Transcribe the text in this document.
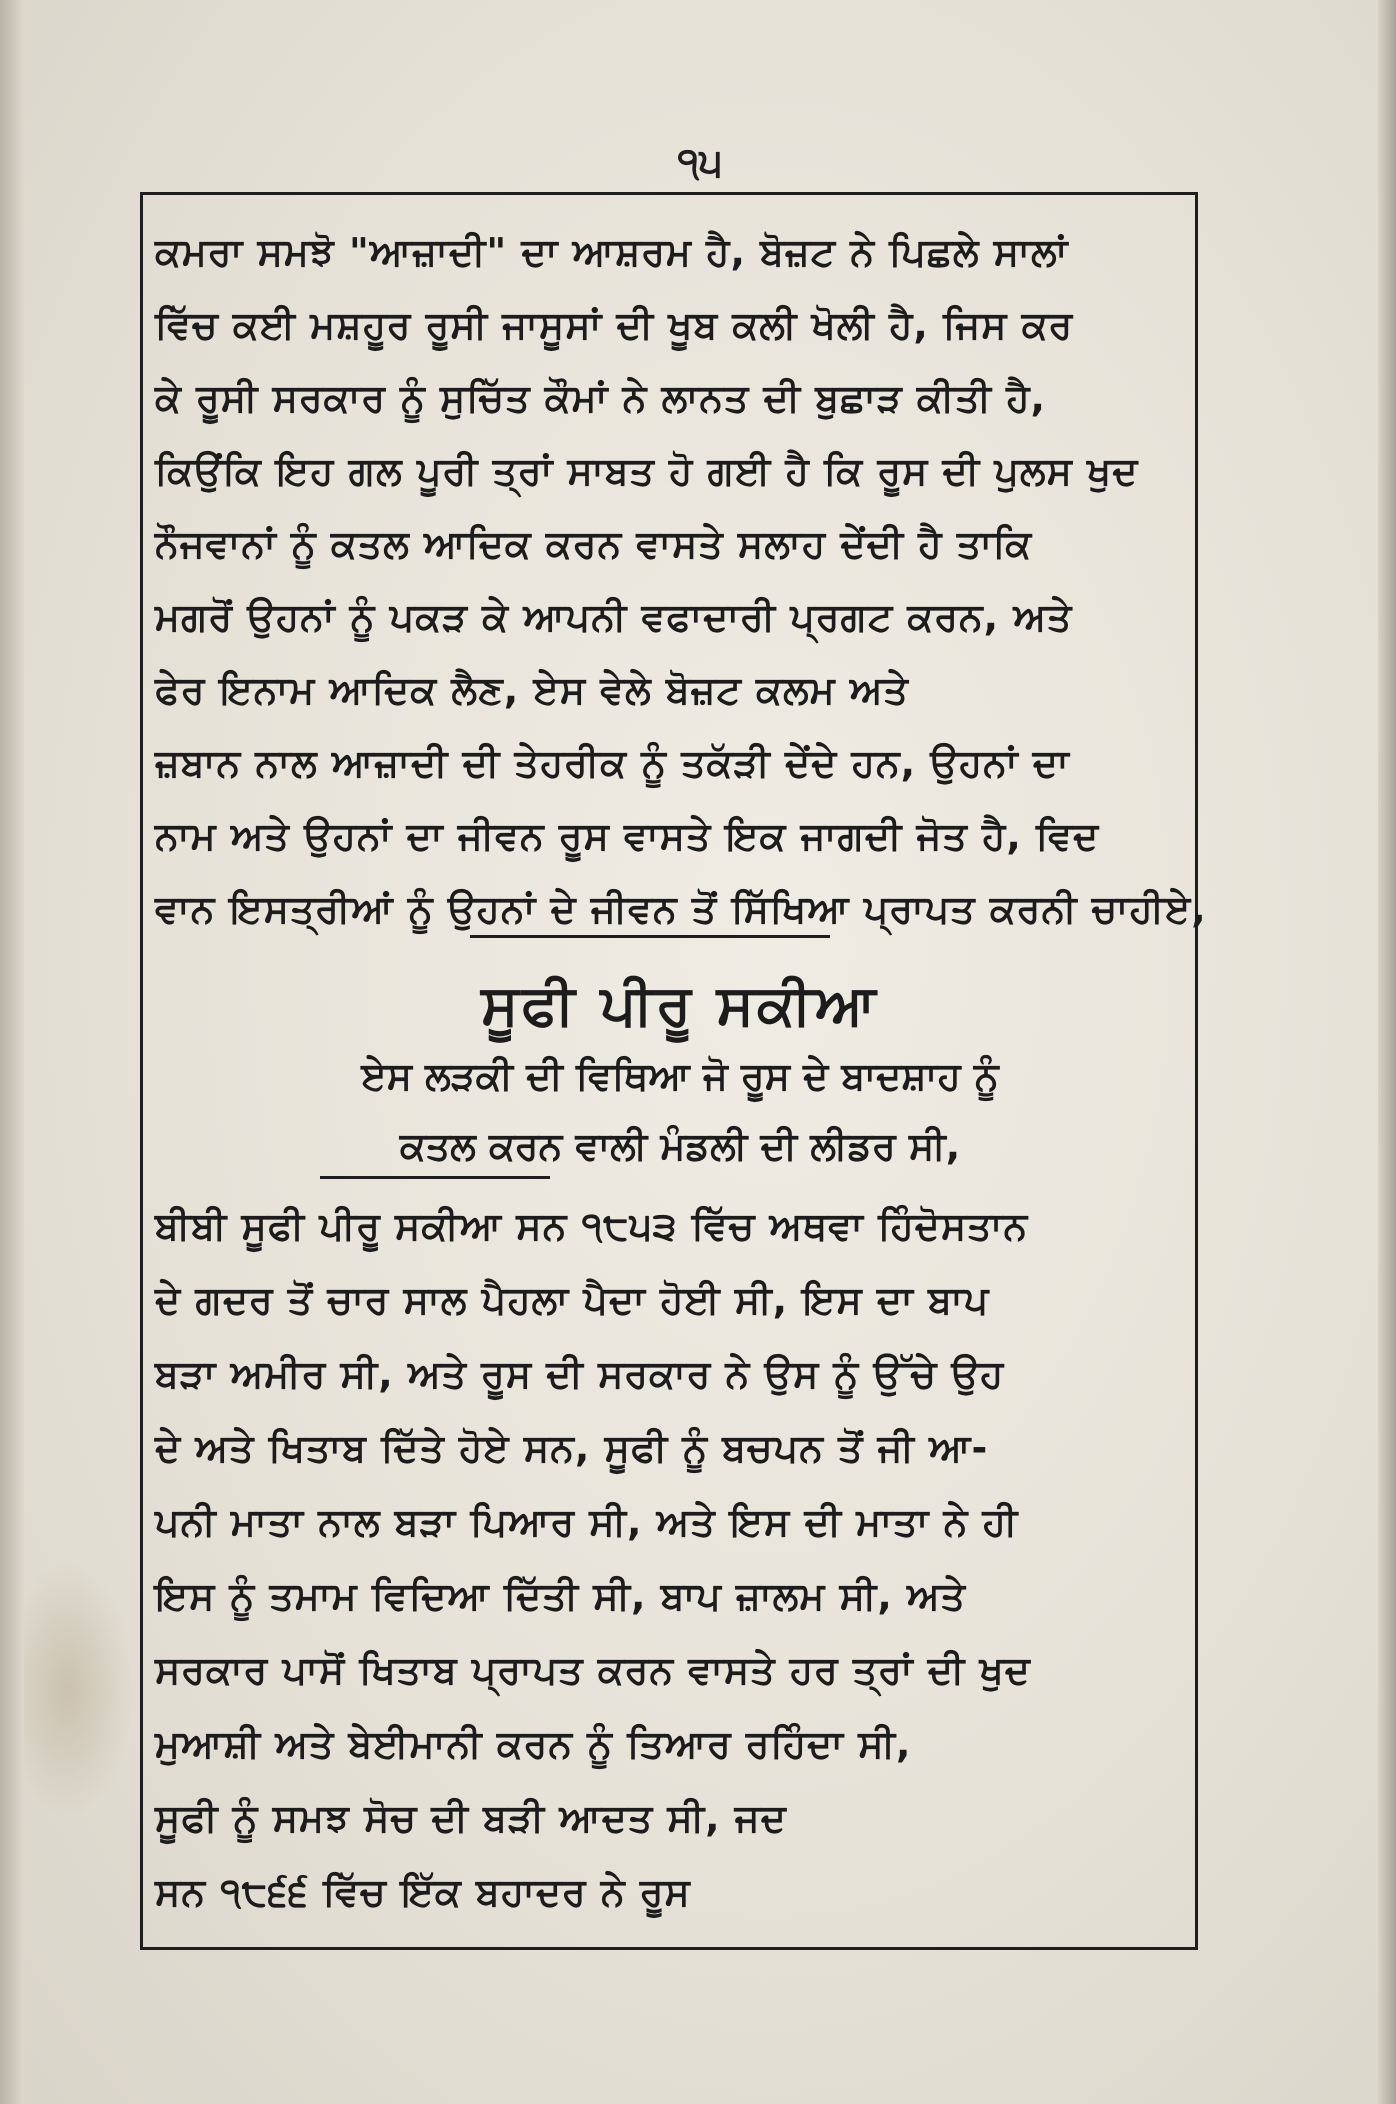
੧੫
ਕਮਰਾ ਸਮਝੋ "ਆਜ਼ਾਦੀ" ਦਾ ਆਸ਼ਰਮ ਹੈ, ਬੋਜ਼ਟ ਨੇ ਪਿਛਲੇ ਸਾਲਾਂ
ਵਿੱਚ ਕਈ ਮਸ਼ਹੂਰ ਰੂਸੀ ਜਾਸੂਸਾਂ ਦੀ ਖੂਬ ਕਲੀ ਖੋਲੀ ਹੈ, ਜਿਸ ਕਰ
ਕੇ ਰੂਸੀ ਸਰਕਾਰ ਨੂੰ ਸੁਚਿੱਤ ਕੌਮਾਂ ਨੇ ਲਾਨਤ ਦੀ ਬੁਛਾੜ ਕੀਤੀ ਹੈ,
ਕਿਉਂਕਿ ਇਹ ਗਲ ਪੂਰੀ ਤ੍ਰਾਂ ਸਾਬਤ ਹੋ ਗਈ ਹੈ ਕਿ ਰੂਸ ਦੀ ਪੁਲਸ ਖੁਦ
ਨੌਜਵਾਨਾਂ ਨੂੰ ਕਤਲ ਆਦਿਕ ਕਰਨ ਵਾਸਤੇ ਸਲਾਹ ਦੇਂਦੀ ਹੈ ਤਾਕਿ
ਮਗਰੋਂ ਉਹਨਾਂ ਨੂੰ ਪਕੜ ਕੇ ਆਪਨੀ ਵਫਾਦਾਰੀ ਪ੍ਰਗਟ ਕਰਨ, ਅਤੇ
ਫੇਰ ਇਨਾਮ ਆਦਿਕ ਲੈਣ, ਏਸ ਵੇਲੇ ਬੋਜ਼ਟ ਕਲਮ ਅਤੇ
ਜ਼ਬਾਨ ਨਾਲ ਆਜ਼ਾਦੀ ਦੀ ਤੇਹਰੀਕ ਨੂੰ ਤਕੱੜੀ ਦੇਂਦੇ ਹਨ, ਉਹਨਾਂ ਦਾ
ਨਾਮ ਅਤੇ ਉਹਨਾਂ ਦਾ ਜੀਵਨ ਰੂਸ ਵਾਸਤੇ ਇਕ ਜਾਗਦੀ ਜੋਤ ਹੈ, ਵਿਦ
ਵਾਨ ਇਸਤ੍ਰੀਆਂ ਨੂੰ ਉਹਨਾਂ ਦੇ ਜੀਵਨ ਤੋਂ ਸਿੱਖਿਆ ਪ੍ਰਾਪਤ ਕਰਨੀ ਚਾਹੀਏ,
ਸੂਫੀ ਪੀਰੂ ਸਕੀਆ
ਏਸ ਲੜਕੀ ਦੀ ਵਿਥਿਆ ਜੋ ਰੂਸ ਦੇ ਬਾਦਸ਼ਾਹ ਨੂੰ
ਕਤਲ ਕਰਨ ਵਾਲੀ ਮੰਡਲੀ ਦੀ ਲੀਡਰ ਸੀ,
ਬੀਬੀ ਸੂਫੀ ਪੀਰੂ ਸਕੀਆ ਸਨ ੧੮੫੩ ਵਿੱਚ ਅਥਵਾ ਹਿੰਦੋਸਤਾਨ
ਦੇ ਗਦਰ ਤੋਂ ਚਾਰ ਸਾਲ ਪੈਹਲਾ ਪੈਦਾ ਹੋਈ ਸੀ, ਇਸ ਦਾ ਬਾਪ
ਬੜਾ ਅਮੀਰ ਸੀ, ਅਤੇ ਰੂਸ ਦੀ ਸਰਕਾਰ ਨੇ ਉਸ ਨੂੰ ਉੱਚੇ ਉਹ
ਦੇ ਅਤੇ ਖਿਤਾਬ ਦਿੱਤੇ ਹੋਏ ਸਨ, ਸੂਫੀ ਨੂੰ ਬਚਪਨ ਤੋਂ ਜੀ ਆ-
ਪਨੀ ਮਾਤਾ ਨਾਲ ਬੜਾ ਪਿਆਰ ਸੀ, ਅਤੇ ਇਸ ਦੀ ਮਾਤਾ ਨੇ ਹੀ
ਇਸ ਨੂੰ ਤਮਾਮ ਵਿਦਿਆ ਦਿੱਤੀ ਸੀ, ਬਾਪ ਜ਼ਾਲਮ ਸੀ, ਅਤੇ
ਸਰਕਾਰ ਪਾਸੋਂ ਖਿਤਾਬ ਪ੍ਰਾਪਤ ਕਰਨ ਵਾਸਤੇ ਹਰ ਤ੍ਰਾਂ ਦੀ ਖੁਦ
ਮੁਆਸ਼ੀ ਅਤੇ ਬੇਈਮਾਨੀ ਕਰਨ ਨੂੰ ਤਿਆਰ ਰਹਿੰਦਾ ਸੀ,
ਸੂਫੀ ਨੂੰ ਸਮਝ ਸੋਚ ਦੀ ਬੜੀ ਆਦਤ ਸੀ, ਜਦ
ਸਨ ੧੮੬੬ ਵਿੱਚ ਇੱਕ ਬਹਾਦਰ ਨੇ ਰੂਸ
